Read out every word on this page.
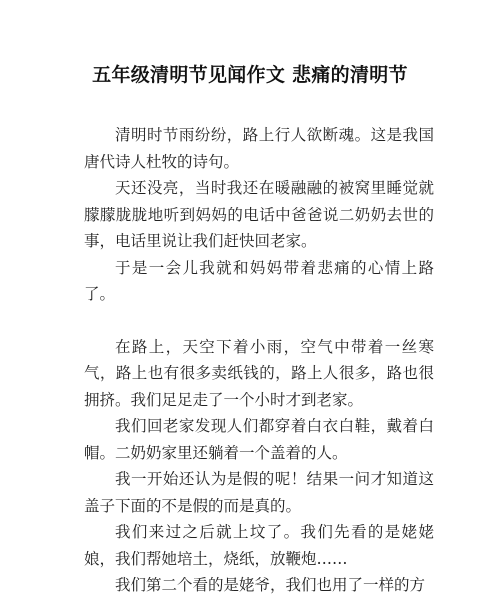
五年级清明节见闻作文 悲痛的清明节

清明时节雨纷纷，路上行人欲断魂。这是我国唐代诗人杜牧的诗句。

天还没亮，当时我还在暖融融的被窝里睡觉就朦朦胧胧地听到妈妈的电话中爸爸说二奶奶去世的事，电话里说让我们赶快回老家。

于是一会儿我就和妈妈带着悲痛的心情上路了。

在路上，天空下着小雨，空气中带着一丝寒气，路上也有很多卖纸钱的，路上人很多，路也很拥挤。我们足足走了一个小时才到老家。

我们回老家发现人们都穿着白衣白鞋，戴着白帽。二奶奶家里还躺着一个盖着的人。

我一开始还认为是假的呢！结果一问才知道这盖子下面的不是假的而是真的。

我们来过之后就上坟了。我们先看的是姥姥娘，我们帮她培土，烧纸，放鞭炮……

我们第二个看的是姥爷，我们也用了一样的方
